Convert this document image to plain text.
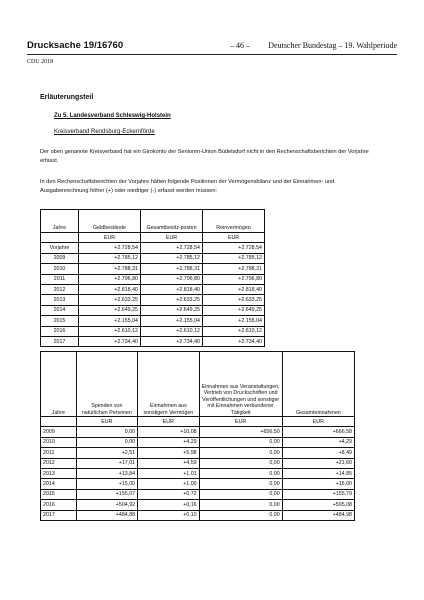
Drucksache 19/16760	– 46 – Deutscher Bundestag – 19. Wahlperiode
CDU 2018
Erläuterungsteil
Zu 5. Landesverband Schleswig-Holstein
Kreisverband Rendsburg-Eckernförde
Der oben genannte Kreisverband hat ein Girokonto der Senioren-Union Büdelsdorf nicht in den Rechenschaftsberichten der Vorjahre erfasst.
In den Rechenschaftsberichten der Vorjahre hätten folgende Positionen der Vermögensbilanz und der Einnahmen- und Ausgabenrechnung höher (+) oder niedriger (-) erfasst werden müssen:
Jahre	Geldbestände	Gesamtbesitz-posten	Reinvermögen
	EUR	EUR	EUR
Vorjahre	+2.728,54	+2.728,54	+2.728,54
2009	+2.785,12	+2.785,12	+2.785,12
2010	+2.788,31	+2.788,31	+2.788,31
2011	+2.796,80	+2.796,80	+2.796,80
2012	+2.818,40	+2.818,40	+2.818,40
2013	+2.633,25	+2.633,25	+2.633,25
2014	+2.649,25	+2.649,25	+2.649,25
2015	+2.155,04	+2.155,04	+2.155,04
2016	+2.610,12	+2.610,12	+2.610,12
2017	+2.734,40	+2.734,40	+2.734,40
Jahre	Spenden von natürlichen Personen	Einnahmen aus sonstigem Vermögen	Einnahmen aus Veranstaltungen, Vertrieb von Druckschriften und Veröffentlichungen und sonstiger mit Einnahmen verbundener Tätigkeit	Gesamteinnahmen
	EUR	EUR	EUR	EUR
2009	0,00	+10,08	+656,50	+666,58
2010	0,00	+4,29	0,00	+4,29
2011	+2,51	+5,98	0,00	+8,49
2012	+17,01	+4,59	0,00	+21,60
2013	+13,84	+1,01	0,00	+14,85
2014	+15,00	+1,00	0,00	+16,00
2015	+155,07	+0,72	0,00	+155,79
2016	+504,92	+0,16	0,00	+505,08
2017	+484,88	+0,10	0,00	+484,98
